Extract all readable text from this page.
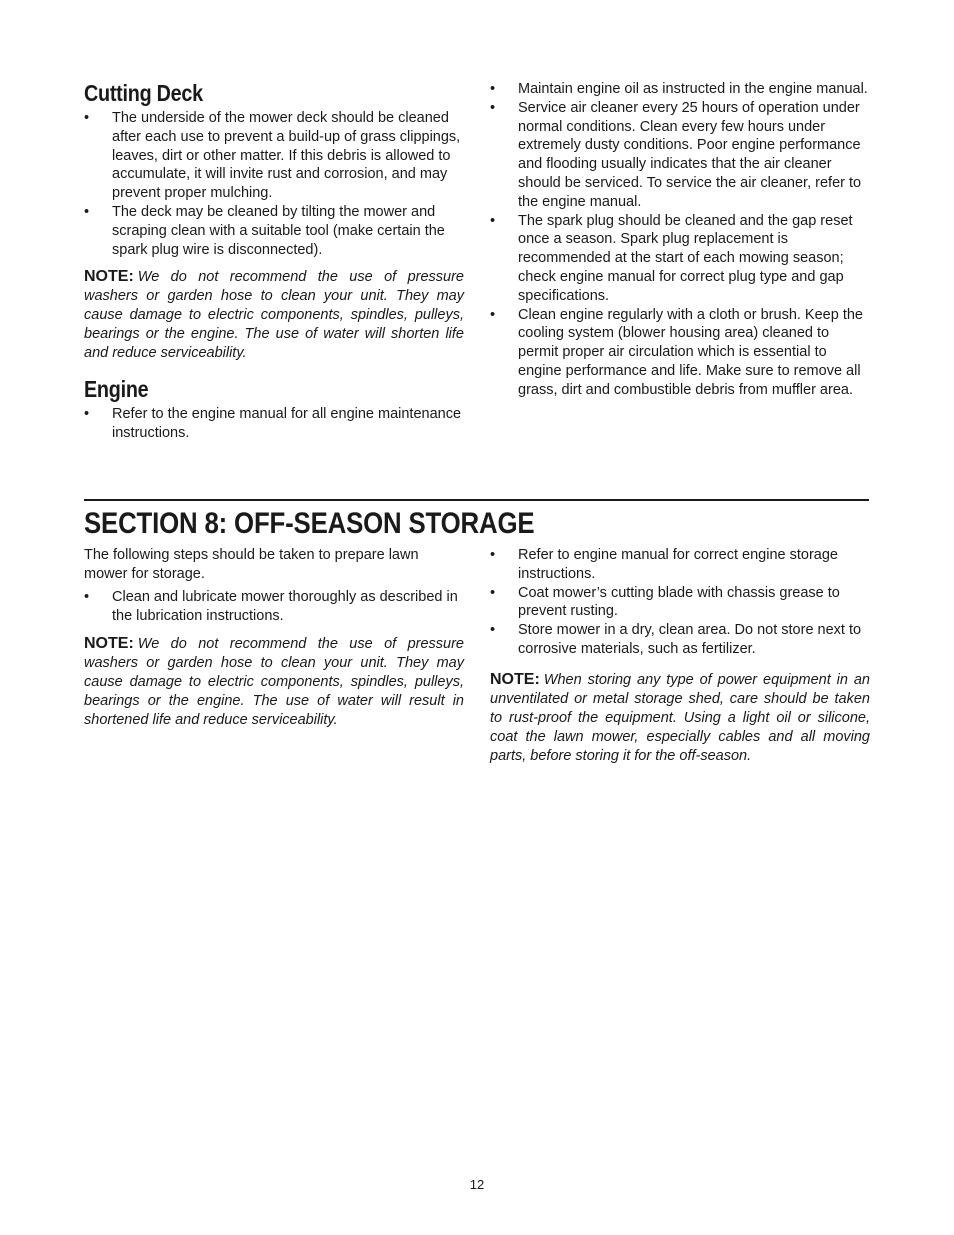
Cutting Deck
• The underside of the mower deck should be cleaned after each use to prevent a build-up of grass clippings, leaves, dirt or other matter. If this debris is allowed to accumulate, it will invite rust and corrosion, and may prevent proper mulching.
• The deck may be cleaned by tilting the mower and scraping clean with a suitable tool (make certain the spark plug wire is disconnected).

NOTE: We do not recommend the use of pressure washers or garden hose to clean your unit. They may cause damage to electric components, spindles, pulleys, bearings or the engine. The use of water will shorten life and reduce serviceability.

Engine
• Refer to the engine manual for all engine maintenance instructions.
• Maintain engine oil as instructed in the engine manual.
• Service air cleaner every 25 hours of operation under normal conditions. Clean every few hours under extremely dusty conditions. Poor engine performance and flooding usually indicates that the air cleaner should be serviced. To service the air cleaner, refer to the engine manual.
• The spark plug should be cleaned and the gap reset once a season. Spark plug replacement is recommended at the start of each mowing season; check engine manual for correct plug type and gap specifications.
• Clean engine regularly with a cloth or brush. Keep the cooling system (blower housing area) cleaned to permit proper air circulation which is essential to engine performance and life. Make sure to remove all grass, dirt and combustible debris from muffler area.
SECTION 8: OFF-SEASON STORAGE

The following steps should be taken to prepare lawn mower for storage.

• Clean and lubricate mower thoroughly as described in the lubrication instructions.

NOTE: We do not recommend the use of pressure washers or garden hose to clean your unit. They may cause damage to electric components, spindles, pulleys, bearings or the engine. The use of water will result in shortened life and reduce serviceability.

• Refer to engine manual for correct engine storage instructions.
• Coat mower’s cutting blade with chassis grease to prevent rusting.
• Store mower in a dry, clean area. Do not store next to corrosive materials, such as fertilizer.

NOTE: When storing any type of power equipment in an unventilated or metal storage shed, care should be taken to rust-proof the equipment. Using a light oil or silicone, coat the lawn mower, especially cables and all moving parts, before storing it for the off-season.

12
